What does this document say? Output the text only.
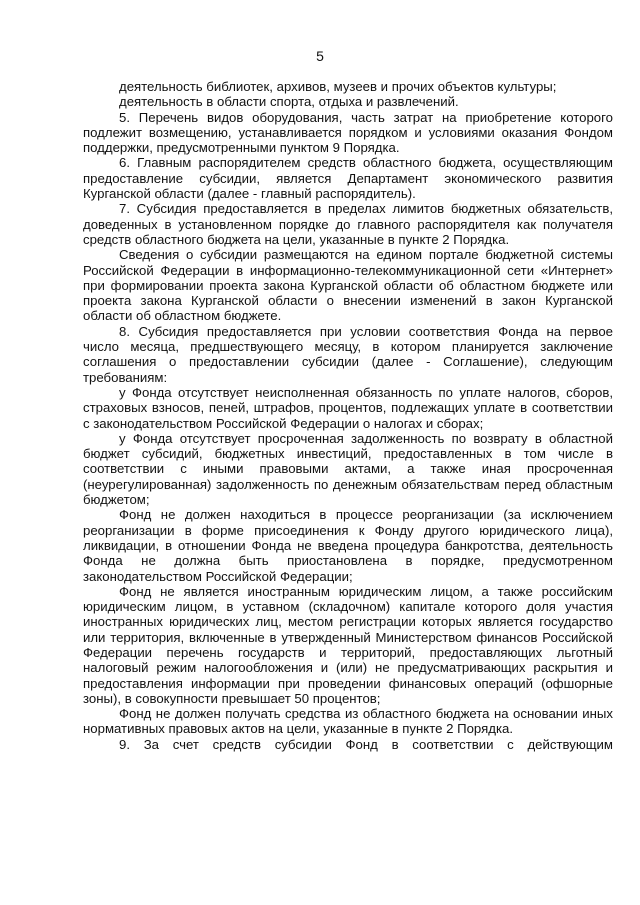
5

деятельность библиотек, архивов, музеев и прочих объектов культуры;

деятельность в области спорта, отдыха и развлечений.

5. Перечень видов оборудования, часть затрат на приобретение которого подлежит возмещению, устанавливается порядком и условиями оказания Фондом поддержки, предусмотренными пунктом 9 Порядка.

6. Главным распорядителем средств областного бюджета, осуществляющим предоставление субсидии, является Департамент экономического развития Курганской области (далее - главный распорядитель).

7. Субсидия предоставляется в пределах лимитов бюджетных обязательств, доведенных в установленном порядке до главного распорядителя как получателя средств областного бюджета на цели, указанные в пункте 2 Порядка.

Сведения о субсидии размещаются на едином портале бюджетной системы Российской Федерации в информационно-телекоммуникационной сети «Интернет» при формировании проекта закона Курганской области об областном бюджете или проекта закона Курганской области о внесении изменений в закон Курганской области об областном бюджете.

8. Субсидия предоставляется при условии соответствия Фонда на первое число месяца, предшествующего месяцу, в котором планируется заключение соглашения о предоставлении субсидии (далее - Соглашение), следующим требованиям:

у Фонда отсутствует неисполненная обязанность по уплате налогов, сборов, страховых взносов, пеней, штрафов, процентов, подлежащих уплате в соответствии с законодательством Российской Федерации о налогах и сборах;

у Фонда отсутствует просроченная задолженность по возврату в областной бюджет субсидий, бюджетных инвестиций, предоставленных в том числе в соответствии с иными правовыми актами, а также иная просроченная (неурегулированная) задолженность по денежным обязательствам перед областным бюджетом;

Фонд не должен находиться в процессе реорганизации (за исключением реорганизации в форме присоединения к Фонду другого юридического лица), ликвидации, в отношении Фонда не введена процедура банкротства, деятельность Фонда не должна быть приостановлена в порядке, предусмотренном законодательством Российской Федерации;

Фонд не является иностранным юридическим лицом, а также российским юридическим лицом, в уставном (складочном) капитале которого доля участия иностранных юридических лиц, местом регистрации которых является государство или территория, включенные в утвержденный Министерством финансов Российской Федерации перечень государств и территорий, предоставляющих льготный налоговый режим налогообложения и (или) не предусматривающих раскрытия и предоставления информации при проведении финансовых операций (офшорные зоны), в совокупности превышает 50 процентов;

Фонд не должен получать средства из областного бюджета на основании иных нормативных правовых актов на цели, указанные в пункте 2 Порядка.

9. За счет средств субсидии Фонд в соответствии с действующим
